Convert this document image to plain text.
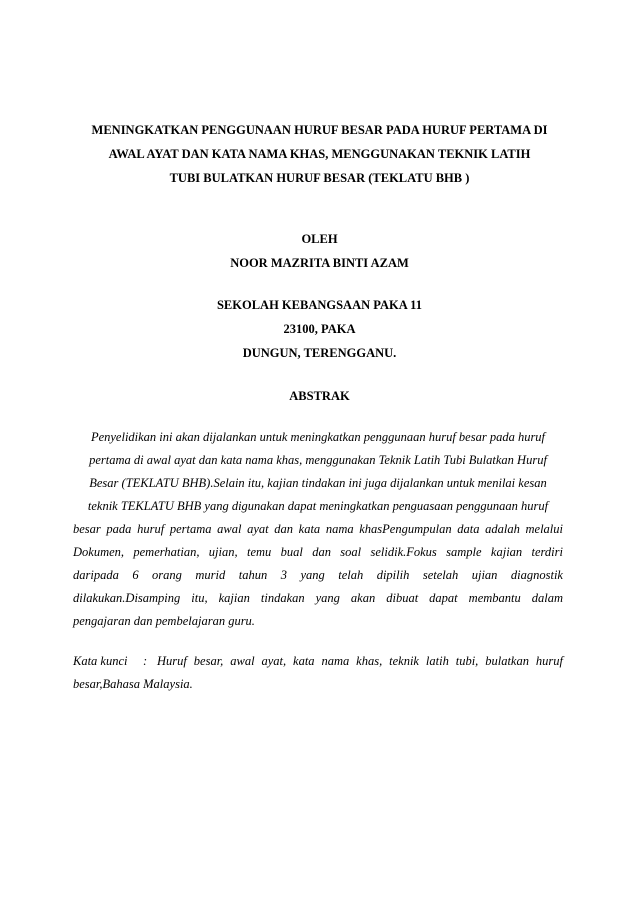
MENINGKATKAN PENGGUNAAN HURUF BESAR PADA HURUF PERTAMA DI
AWAL AYAT DAN KATA NAMA KHAS, MENGGUNAKAN TEKNIK LATIH
TUBI BULATKAN HURUF BESAR (TEKLATU BHB )
OLEH
NOOR MAZRITA BINTI AZAM
SEKOLAH KEBANGSAAN PAKA 11
23100, PAKA
DUNGUN, TERENGGANU.
ABSTRAK
Penyelidikan ini akan dijalankan untuk meningkatkan penggunaan huruf besar pada huruf
pertama di awal ayat dan kata nama khas, menggunakan Teknik Latih Tubi Bulatkan Huruf
Besar (TEKLATU BHB).Selain itu, kajian tindakan ini juga dijalankan untuk menilai kesan
teknik TEKLATU BHB yang digunakan dapat meningkatkan penguasaan penggunaan huruf
besar pada huruf pertama awal ayat dan kata nama khasPengumpulan data adalah melalui
Dokumen, pemerhatian, ujian, temu bual dan soal selidik.Fokus sample kajian terdiri
daripada 6 orang murid tahun 3 yang telah dipilih setelah ujian diagnostik
dilakukan.Disamping itu, kajian tindakan yang akan dibuat dapat membantu dalam
pengajaran dan pembelajaran guru.
Kata kunci	: Huruf besar, awal ayat, kata nama khas, teknik latih tubi, bulatkan huruf
besar,Bahasa Malaysia.
